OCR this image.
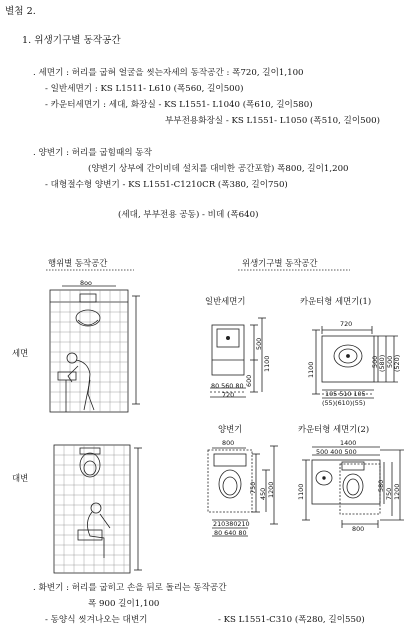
별첨 2.
1. 위생기구별 동작공간
. 세면기 : 허리를 굽혀 얼굴을 씻는자세의 동작공간 : 폭720, 길이1,100
- 일반세면기 : KS L1511- L610 (폭560, 길이500)
- 카운터세면기 : 세대, 화장실 - KS L1551- L1040 (폭610, 길이580)
부부전용화장실 - KS L1551- L1050 (폭510, 길이500)
. 양변기 : 허리를 굽힘때의 동작
(양변기 상부에 간이비데 설치를 대비한 공간포함) 폭800, 길이1,200
- 대형절수형 양변기 - KS L1551-C1210CR (폭380, 길이750)
(세대, 부부전용 공동) - 비데 (폭640)
행위별 동작공간	위생기구별 동작공간
세면
대변
일반세면기	카운터형 세면기(1)
양변기	카운터형 세면기(2)
8oo
500
600
1100
80 560 80
720
720
1100	500 (580) 500 (520)
105 510 105
(55)(610)(55)
800
750 450 1200
210380210
80 640 80
1400
500 400 500
1100	580
750 1200
800
. 화변기 : 허리를 굽히고 손을 뒤로 돌리는 동작공간
폭 900 길이1,100
- 동양식 씻겨나오는 대변기	- KS L1551-C310 (폭280, 길이550)
